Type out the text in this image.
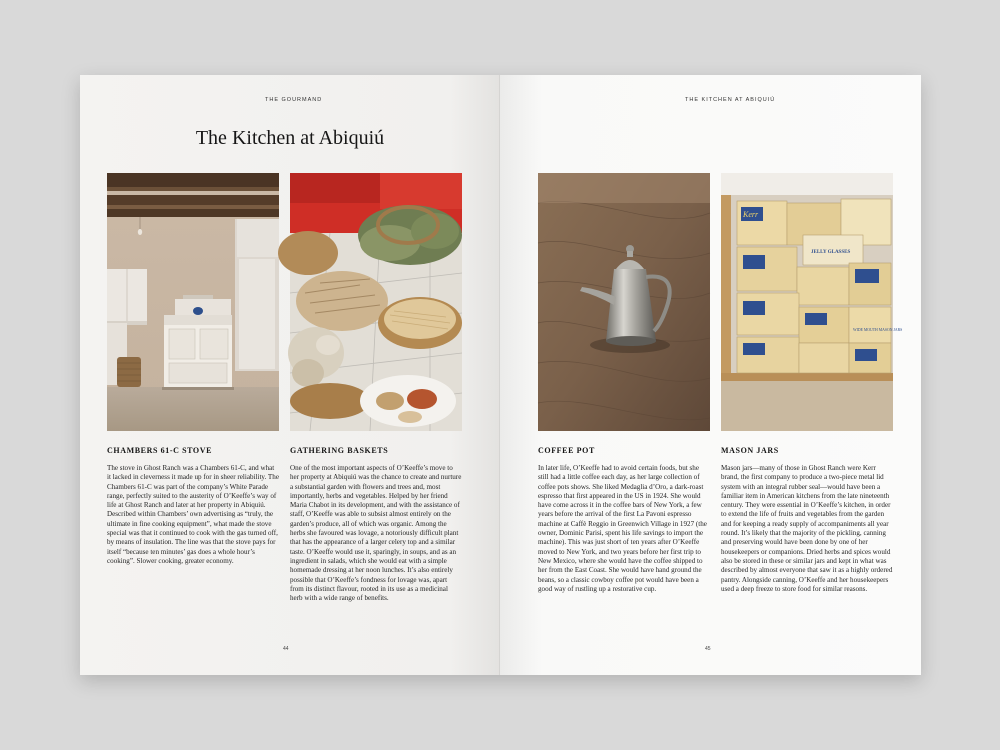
THE GOURMAND
The Kitchen at Abiquiú
CHAMBERS 61-C STOVE

The stove in Ghost Ranch was a Chambers 61-C, and what it lacked in cleverness it made up for in sheer reliability. The Chambers 61-C was part of the company’s White Parade range, perfectly suited to the austerity of O’Keeffe’s way of life at Ghost Ranch and later at her property in Abiquiú. Described within Chambers’ own advertising as “truly, the ultimate in fine cooking equipment”, what made the stove special was that it continued to cook with the gas turned off, by means of insulation. The line was that the stove pays for itself “because ten minutes’ gas does a whole hour’s cooking”. Slower cooking, greater economy.

GATHERING BASKETS

One of the most important aspects of O’Keeffe’s move to her property at Abiquiú was the chance to create and nurture a substantial garden with flowers and trees and, most importantly, herbs and vegetables. Helped by her friend Maria Chabot in its development, and with the assistance of staff, O’Keeffe was able to subsist almost entirely on the garden’s produce, all of which was organic. Among the herbs she favoured was lovage, a notoriously difficult plant that has the appearance of a larger celery top and a similar taste. O’Keeffe would use it, sparingly, in soups, and as an ingredient in salads, which she would eat with a simple homemade dressing at her noon lunches. It’s also entirely possible that O’Keeffe’s fondness for lovage was, apart from its distinct flavour, rooted in its use as a medicinal herb with a wide range of benefits.

44
THE KITCHEN AT ABIQUIÚ
Kerr
JELLY GLASSES
WIDE MOUTH MASON JARS
COFFEE POT

In later life, O’Keeffe had to avoid certain foods, but she still had a little coffee each day, as her large collection of coffee pots shows. She liked Medaglia d’Oro, a dark-roast espresso that first appeared in the US in 1924. She would have come across it in the coffee bars of New York, a few years before the arrival of the first La Pavoni espresso machine at Caffè Reggio in Greenwich Village in 1927 (the owner, Dominic Parisi, spent his life savings to import the machine). This was just short of ten years after O’Keeffe moved to New York, and two years before her first trip to New Mexico, where she would have the coffee shipped to her from the East Coast. She would have hand ground the beans, so a classic cowboy coffee pot would have been a good way of rustling up a restorative cup.

MASON JARS

Mason jars—many of those in Ghost Ranch were Kerr brand, the first company to produce a two-piece metal lid system with an integral rubber seal—would have been a familiar item in American kitchens from the late nineteenth century. They were essential in O’Keeffe’s kitchen, in order to extend the life of fruits and vegetables from the garden and for keeping a ready supply of accompaniments all year round. It’s likely that the majority of the pickling, canning and preserving would have been done by one of her housekeepers or companions. Dried herbs and spices would also be stored in these or similar jars and kept in what was described by almost everyone that saw it as a highly ordered pantry. Alongside canning, O’Keeffe and her housekeepers used a deep freeze to store food for similar reasons.

45
